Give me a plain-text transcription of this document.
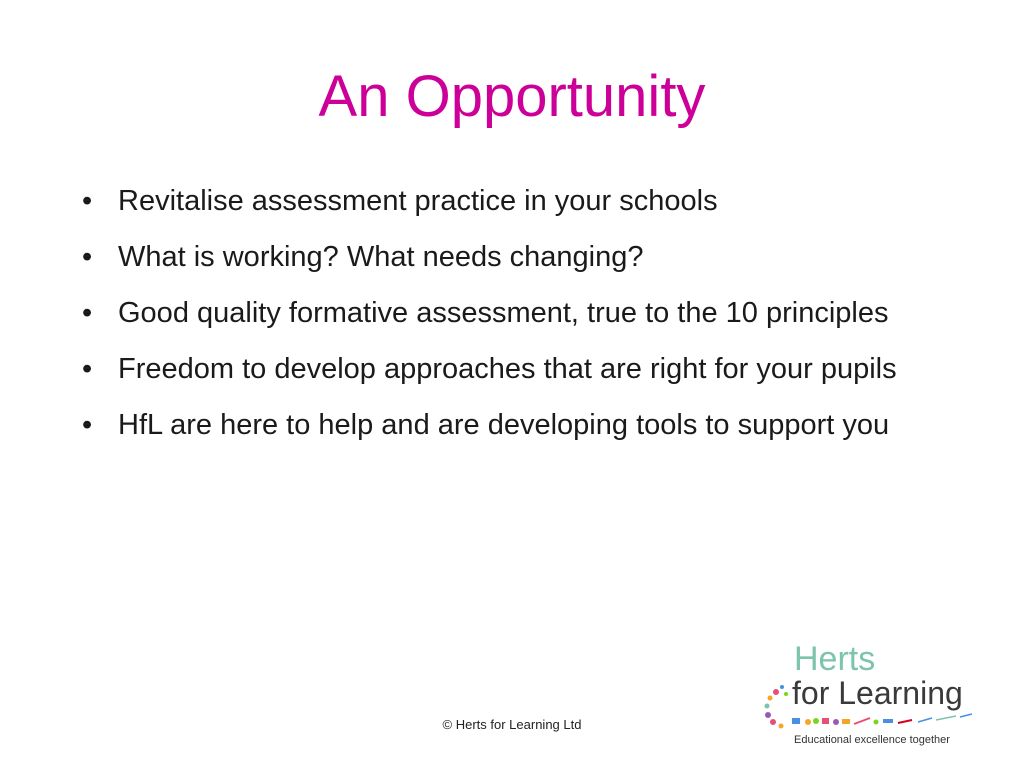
An Opportunity
• Revitalise assessment practice in your schools
• What is working? What needs changing?
• Good quality formative assessment, true to the 10 principles
• Freedom to develop approaches that are right for your pupils
• HfL are here to help and are developing tools to support you
© Herts for Learning Ltd
Herts
for Learning
Educational excellence together
